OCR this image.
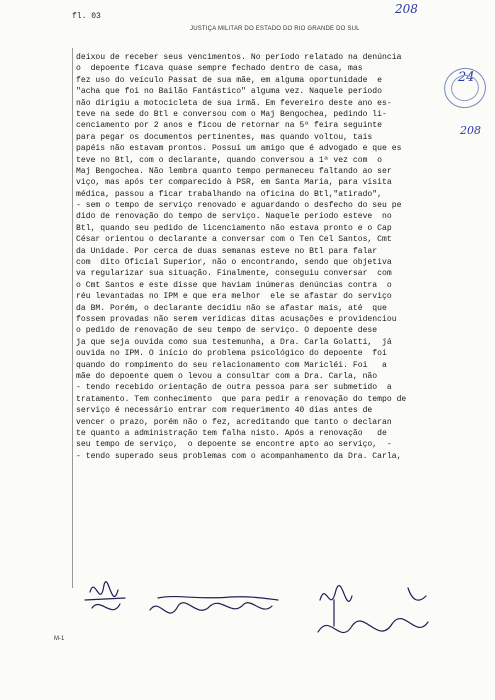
fl. 03
JUSTIÇA MILITAR DO ESTADO DO RIO GRANDE DO SUL
208
24
208
deixou de receber seus vencimentos. No período relatado na denúncia
o  depoente ficava quase sempre fechado dentro de casa, mas
fez uso do veículo Passat de sua mãe, em alguma oportunidade  e
"acha que foi no Bailão Fantástico" alguma vez. Naquele período
não dirigiu a motocicleta de sua irmã. Em fevereiro deste ano es-
teve na sede do Btl e conversou com o Maj Bengochea, pedindo li-
cenciamento por 2 anos e ficou de retornar na 5ª feira seguinte
para pegar os documentos pertinentes, mas quando voltou, tais
papéis não estavam prontos. Possui um amigo que é advogado e que es
teve no Btl, com o declarante, quando conversou a 1ª vez com  o
Maj Bengochea. Não lembra quanto tempo permaneceu faltando ao ser
viço, mas após ter comparecido à PSR, em Santa Maria, para visita
médica, passou a ficar trabalhando na oficina do Btl,"atirado",
- sem o tempo de serviço renovado e aguardando o desfecho do seu pe
dido de renovação do tempo de serviço. Naquele período esteve  no
Btl, quando seu pedido de licenciamento não estava pronto e o Cap
César orientou o declarante a conversar com o Ten Cel Santos, Cmt
da Unidade. Por cerca de duas semanas esteve no Btl para falar
com  dito Oficial Superior, não o encontrando, sendo que objetiva
va regularizar sua situação. Finalmente, conseguiu conversar  com
o Cmt Santos e este disse que haviam inúmeras denúncias contra  o
réu levantadas no IPM e que era melhor  ele se afastar do serviço
da BM. Porém, o declarante decidiu não se afastar mais, até  que
fossem provadas não serem verídicas ditas acusações e providenciou
o pedido de renovação de seu tempo de serviço. O depoente dese
ja que seja ouvida como sua testemunha, a Dra. Carla Golatti,  já
ouvida no IPM. O início do problema psicológico do depoente  foi
quando do rompimento do seu relacionamento com Maricléi. Foi   a
mãe do depoente quem o levou a consultar com a Dra. Carla, não
- tendo recebido orientação de outra pessoa para ser submetido  a
tratamento. Tem conhecimento  que para pedir a renovação do tempo de
serviço é necessário entrar com requerimento 40 dias antes de
vencer o prazo, porém não o fez, acreditando que tanto o declaran
te quanto a administração tem falha nisto. Após a renovação   de
seu tempo de serviço,  o depoente se encontre apto ao serviço,  -
- tendo superado seus problemas com o acompanhamento da Dra. Carla,
M-1
